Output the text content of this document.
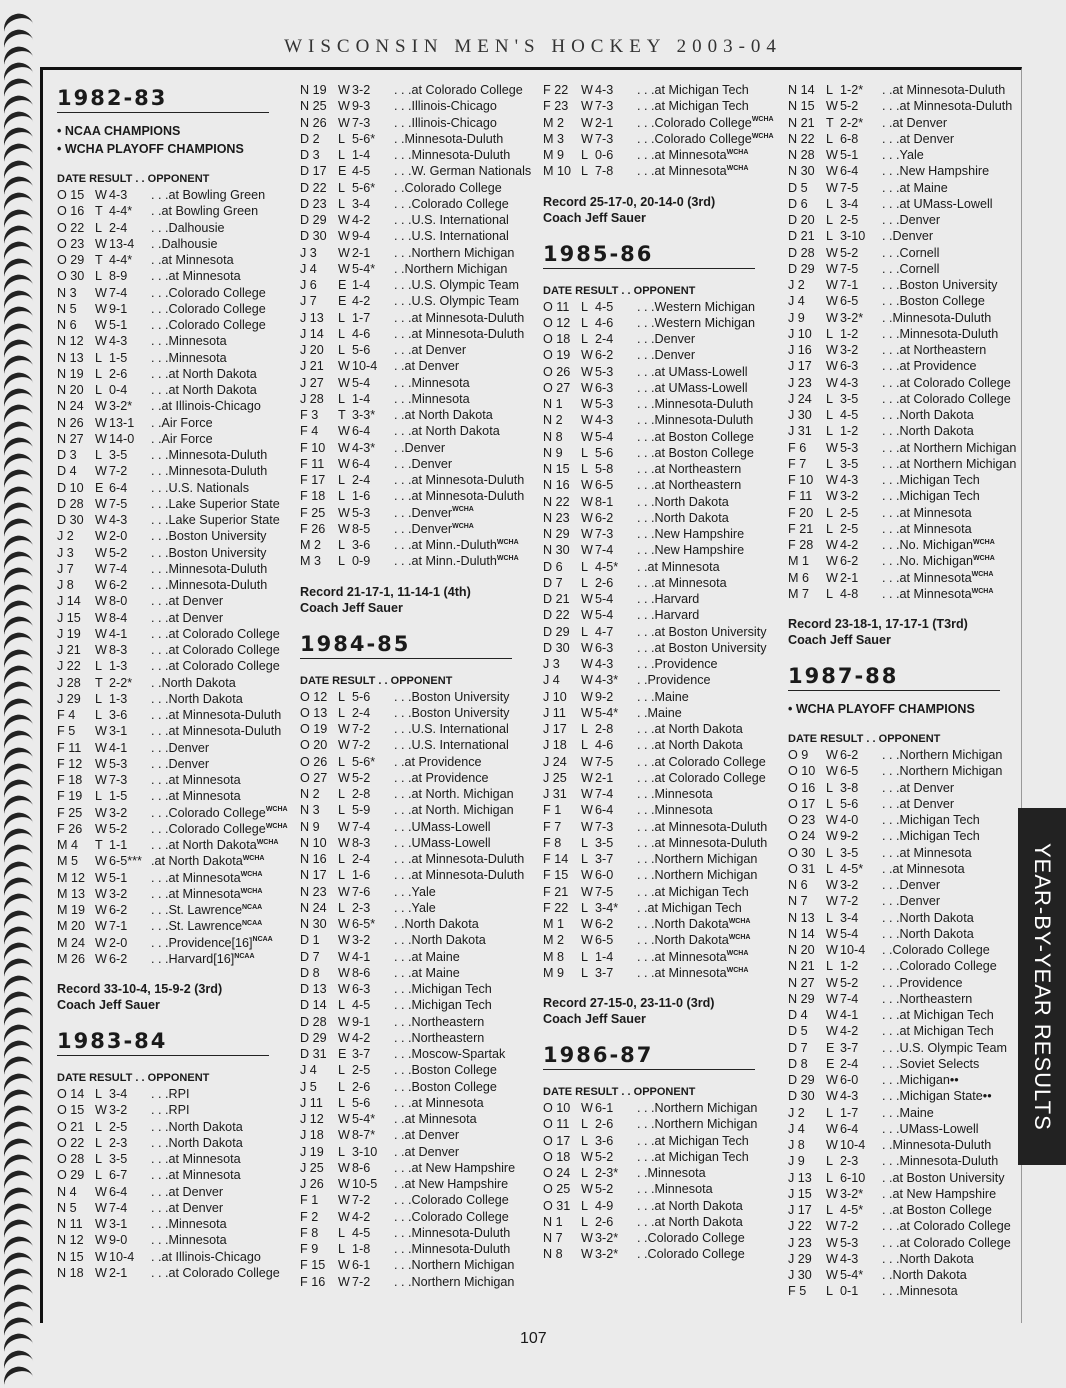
WISCONSIN MEN'S HOCKEY 2003-04
1982-83
• NCAA CHAMPIONS
• WCHA PLAYOFF CHAMPIONS
DATE RESULT . . OPPONENT
O 15 W 4-3 . . .at Bowling Green
O 16 T 4-4* . .at Bowling Green
O 22 L 2-4 . . .Dalhousie
O 23 W 13-4 . .Dalhousie
O 29 T 4-4* . .at Minnesota
O 30 L 8-9 . . .at Minnesota
N 3 W 7-4 . . .Colorado College
N 5 W 9-1 . . .Colorado College
N 6 W 5-1 . . .Colorado College
N 12 W 4-3 . . .Minnesota
N 13 L 1-5 . . .Minnesota
N 19 L 2-6 . . .at North Dakota
N 20 L 0-4 . . .at North Dakota
N 24 W 3-2* . .at Illinois-Chicago
N 26 W 13-1 . .Air Force
N 27 W 14-0 . .Air Force
D 3 L 3-5 . . .Minnesota-Duluth
D 4 W 7-2 . . .Minnesota-Duluth
D 10 E 6-4 . . .U.S. Nationals
D 28 W 7-5 . . .Lake Superior State
D 30 W 4-3 . . .Lake Superior State
J 2 W 2-0 . . .Boston University
J 3 W 5-2 . . .Boston University
J 7 W 7-4 . . .Minnesota-Duluth
J 8 W 6-2 . . .Minnesota-Duluth
J 14 W 8-0 . . .at Denver
J 15 W 8-4 . . .at Denver
J 19 W 4-1 . . .at Colorado College
J 21 W 8-3 . . .at Colorado College
J 22 L 1-3 . . .at Colorado College
J 28 T 2-2* . .North Dakota
J 29 L 1-3 . . .North Dakota
F 4 L 3-6 . . .at Minnesota-Duluth
F 5 W 3-1 . . .at Minnesota-Duluth
F 11 W 4-1 . . .Denver
F 12 W 5-3 . . .Denver
F 18 W 7-3 . . .at Minnesota
F 19 L 1-5 . . .at Minnesota
F 25 W 3-2 . . .Colorado CollegeWCHA
F 26 W 5-2 . . .Colorado CollegeWCHA
M 4 T 1-1 . . .at North DakotaWCHA
M 5 W 6-5*** .at North DakotaWCHA
M 12 W 5-1 . . .at MinnesotaWCHA
M 13 W 3-2 . . .at MinnesotaWCHA
M 19 W 6-2 . . .St. LawrenceNCAA
M 20 W 7-1 . . .St. LawrenceNCAA
M 24 W 2-0 . . .Providence[16]NCAA
M 26 W 6-2 . . .Harvard[16]NCAA
Record 33-10-4, 15-9-2 (3rd)
Coach Jeff Sauer
1983-84
DATE RESULT . . OPPONENT
O 14 L 3-4 . . .RPI
O 15 W 3-2 . . .RPI
O 21 L 2-5 . . .North Dakota
O 22 L 2-3 . . .North Dakota
O 28 L 3-5 . . .at Minnesota
O 29 L 6-7 . . .at Minnesota
N 4 W 6-4 . . .at Denver
N 5 W 7-4 . . .at Denver
N 11 W 3-1 . . .Minnesota
N 12 W 9-0 . . .Minnesota
N 15 W 10-4 . .at Illinois-Chicago
N 18 W 2-1 . . .at Colorado College
N 19 W 3-2 . . .at Colorado College
N 25 W 9-3 . . .Illinois-Chicago
N 26 W 7-3 . . .Illinois-Chicago
D 2 L 5-6* . .Minnesota-Duluth
D 3 L 1-4 . . .Minnesota-Duluth
D 17 E 4-5 . . .W. German Nationals
D 22 L 5-6* . .Colorado College
D 23 L 3-4 . . .Colorado College
D 29 W 4-2 . . .U.S. International
D 30 W 9-4 . . .U.S. International
J 3 W 2-1 . . .Northern Michigan
J 4 W 5-4* . .Northern Michigan
J 6 E 1-4 . . .U.S. Olympic Team
J 7 E 4-2 . . .U.S. Olympic Team
J 13 L 1-7 . . .at Minnesota-Duluth
J 14 L 4-6 . . .at Minnesota-Duluth
J 20 L 5-6 . . .at Denver
J 21 W 10-4 . .at Denver
J 27 W 5-4 . . .Minnesota
J 28 L 1-4 . . .Minnesota
F 3 T 3-3* . .at North Dakota
F 4 W 6-4 . . .at North Dakota
F 10 W 4-3* . .Denver
F 11 W 6-4 . . .Denver
F 17 L 2-4 . . .at Minnesota-Duluth
F 18 L 1-6 . . .at Minnesota-Duluth
F 25 W 5-3 . . .DenverWCHA
F 26 W 8-5 . . .DenverWCHA
M 2 L 3-6 . . .at Minn.-DuluthWCHA
M 3 L 0-9 . . .at Minn.-DuluthWCHA
Record 21-17-1, 11-14-1 (4th)
Coach Jeff Sauer
1984-85
DATE RESULT . . OPPONENT
O 12 L 5-6 . . .Boston University
O 13 L 2-4 . . .Boston University
O 19 W 7-2 . . .U.S. International
O 20 W 7-2 . . .U.S. International
O 26 L 5-6* . .at Providence
O 27 W 5-2 . . .at Providence
N 2 L 2-8 . . .at North. Michigan
N 3 L 5-9 . . .at North. Michigan
N 9 W 7-4 . . .UMass-Lowell
N 10 W 8-3 . . .UMass-Lowell
N 16 L 2-4 . . .at Minnesota-Duluth
N 17 L 1-6 . . .at Minnesota-Duluth
N 23 W 7-6 . . .Yale
N 24 L 2-3 . . .Yale
N 30 W 6-5* . .North Dakota
D 1 W 3-2 . . .North Dakota
D 7 W 4-1 . . .at Maine
D 8 W 8-6 . . .at Maine
D 13 W 6-3 . . .Michigan Tech
D 14 L 4-5 . . .Michigan Tech
D 28 W 9-1 . . .Northeastern
D 29 W 4-2 . . .Northeastern
D 31 E 3-7 . . .Moscow-Spartak
J 4 L 2-5 . . .Boston College
J 5 L 2-6 . . .Boston College
J 11 L 5-6 . . .at Minnesota
J 12 W 5-4* . .at Minnesota
J 18 W 8-7* . .at Denver
J 19 L 3-10 . .at Denver
J 25 W 8-6 . . .at New Hampshire
J 26 W 10-5 . .at New Hampshire
F 1 W 7-2 . . .Colorado College
F 2 W 4-2 . . .Colorado College
F 8 L 4-5 . . .Minnesota-Duluth
F 9 L 1-8 . . .Minnesota-Duluth
F 15 W 6-1 . . .Northern Michigan
F 16 W 7-2 . . .Northern Michigan
F 22 W 4-3 . . .at Michigan Tech
F 23 W 7-3 . . .at Michigan Tech
M 2 W 2-1 . . .Colorado CollegeWCHA
M 3 W 7-3 . . .Colorado CollegeWCHA
M 9 L 0-6 . . .at MinnesotaWCHA
M 10 L 7-8 . . .at MinnesotaWCHA
Record 25-17-0, 20-14-0 (3rd)
Coach Jeff Sauer
1985-86
DATE RESULT . . OPPONENT
O 11 L 4-5 . . .Western Michigan
O 12 L 4-6 . . .Western Michigan
O 18 L 2-4 . . .Denver
O 19 W 6-2 . . .Denver
O 26 W 5-3 . . .at UMass-Lowell
O 27 W 6-3 . . .at UMass-Lowell
N 1 W 5-3 . . .Minnesota-Duluth
N 2 W 4-3 . . .Minnesota-Duluth
N 8 W 5-4 . . .at Boston College
N 9 L 5-6 . . .at Boston College
N 15 L 5-8 . . .at Northeastern
N 16 W 6-5 . . .at Northeastern
N 22 W 8-1 . . .North Dakota
N 23 W 6-2 . . .North Dakota
N 29 W 7-3 . . .New Hampshire
N 30 W 7-4 . . .New Hampshire
D 6 L 4-5* . .at Minnesota
D 7 L 2-6 . . .at Minnesota
D 21 W 5-4 . . .Harvard
D 22 W 5-4 . . .Harvard
D 29 L 4-7 . . .at Boston University
D 30 W 6-3 . . .at Boston University
J 3 W 4-3 . . .Providence
J 4 W 4-3* . .Providence
J 10 W 9-2 . . .Maine
J 11 W 5-4* . .Maine
J 17 L 2-8 . . .at North Dakota
J 18 L 4-6 . . .at North Dakota
J 24 W 7-5 . . .at Colorado College
J 25 W 2-1 . . .at Colorado College
J 31 W 7-4 . . .Minnesota
F 1 W 6-4 . . .Minnesota
F 7 W 7-3 . . .at Minnesota-Duluth
F 8 L 3-5 . . .at Minnesota-Duluth
F 14 L 3-7 . . .Northern Michigan
F 15 W 6-0 . . .Northern Michigan
F 21 W 7-5 . . .at Michigan Tech
F 22 L 3-4* . .at Michigan Tech
M 1 W 6-2 . . .North DakotaWCHA
M 2 W 6-5 . . .North DakotaWCHA
M 8 L 1-4 . . .at MinnesotaWCHA
M 9 L 3-7 . . .at MinnesotaWCHA
Record 27-15-0, 23-11-0 (3rd)
Coach Jeff Sauer
1986-87
DATE RESULT . . OPPONENT
O 10 W 6-1 . . .Northern Michigan
O 11 L 2-6 . . .Northern Michigan
O 17 L 3-6 . . .at Michigan Tech
O 18 W 5-2 . . .at Michigan Tech
O 24 L 2-3* . .Minnesota
O 25 W 5-2 . . .Minnesota
O 31 L 4-9 . . .at North Dakota
N 1 L 2-6 . . .at North Dakota
N 7 W 3-2* . .Colorado College
N 8 W 3-2* . .Colorado College
N 14 L 1-2* . .at Minnesota-Duluth
N 15 W 5-2 . . .at Minnesota-Duluth
N 21 T 2-2* . .at Denver
N 22 L 6-8 . . .at Denver
N 28 W 5-1 . . .Yale
N 30 W 6-4 . . .New Hampshire
D 5 W 7-5 . . .at Maine
D 6 L 3-4 . . .at UMass-Lowell
D 20 L 2-5 . . .Denver
D 21 L 3-10 . .Denver
D 28 W 5-2 . . .Cornell
D 29 W 7-5 . . .Cornell
J 2 W 7-1 . . .Boston University
J 4 W 6-5 . . .Boston College
J 9 W 3-2* . .Minnesota-Duluth
J 10 L 1-2 . . .Minnesota-Duluth
J 16 W 3-2 . . .at Northeastern
J 17 W 6-3 . . .at Providence
J 23 W 4-3 . . .at Colorado College
J 24 L 3-5 . . .at Colorado College
J 30 L 4-5 . . .North Dakota
J 31 L 1-2 . . .North Dakota
F 6 W 5-3 . . .at Northern Michigan
F 7 L 3-5 . . .at Northern Michigan
F 10 W 4-3 . . .Michigan Tech
F 11 W 3-2 . . .Michigan Tech
F 20 L 2-5 . . .at Minnesota
F 21 L 2-5 . . .at Minnesota
F 28 W 4-2 . . .No. MichiganWCHA
M 1 W 6-2 . . .No. MichiganWCHA
M 6 W 2-1 . . .at MinnesotaWCHA
M 7 L 4-8 . . .at MinnesotaWCHA
Record 23-18-1, 17-17-1 (T3rd)
Coach Jeff Sauer
1987-88
• WCHA PLAYOFF CHAMPIONS
DATE RESULT . . OPPONENT
O 9 W 6-2 . . .Northern Michigan
O 10 W 6-5 . . .Northern Michigan
O 16 L 3-8 . . .at Denver
O 17 L 5-6 . . .at Denver
O 23 W 4-0 . . .Michigan Tech
O 24 W 9-2 . . .Michigan Tech
O 30 L 3-5 . . .at Minnesota
O 31 L 4-5* . .at Minnesota
N 6 W 3-2 . . .Denver
N 7 W 7-2 . . .Denver
N 13 L 3-4 . . .North Dakota
N 14 W 5-4 . . .North Dakota
N 20 W 10-4 . .Colorado College
N 21 L 1-2 . . .Colorado College
N 27 W 5-2 . . .Providence
N 29 W 7-4 . . .Northeastern
D 4 W 4-1 . . .at Michigan Tech
D 5 W 4-2 . . .at Michigan Tech
D 7 E 3-7 . . .U.S. Olympic Team
D 8 E 2-4 . . .Soviet Selects
D 29 W 6-0 . . .Michigan••
D 30 W 4-3 . . .Michigan State••
J 2 L 1-7 . . .Maine
J 4 W 6-4 . . .UMass-Lowell
J 8 W 10-4 . .Minnesota-Duluth
J 9 L 2-3 . . .Minnesota-Duluth
J 13 L 6-10 . .at Boston University
J 15 W 3-2* . .at New Hampshire
J 17 L 4-5* . .at Boston College
J 22 W 7-2 . . .at Colorado College
J 23 W 5-3 . . .at Colorado College
J 29 W 4-3 . . .North Dakota
J 30 W 5-4* . .North Dakota
F 5 L 0-1 . . .Minnesota
YEAR-BY-YEAR RESULTS
107
